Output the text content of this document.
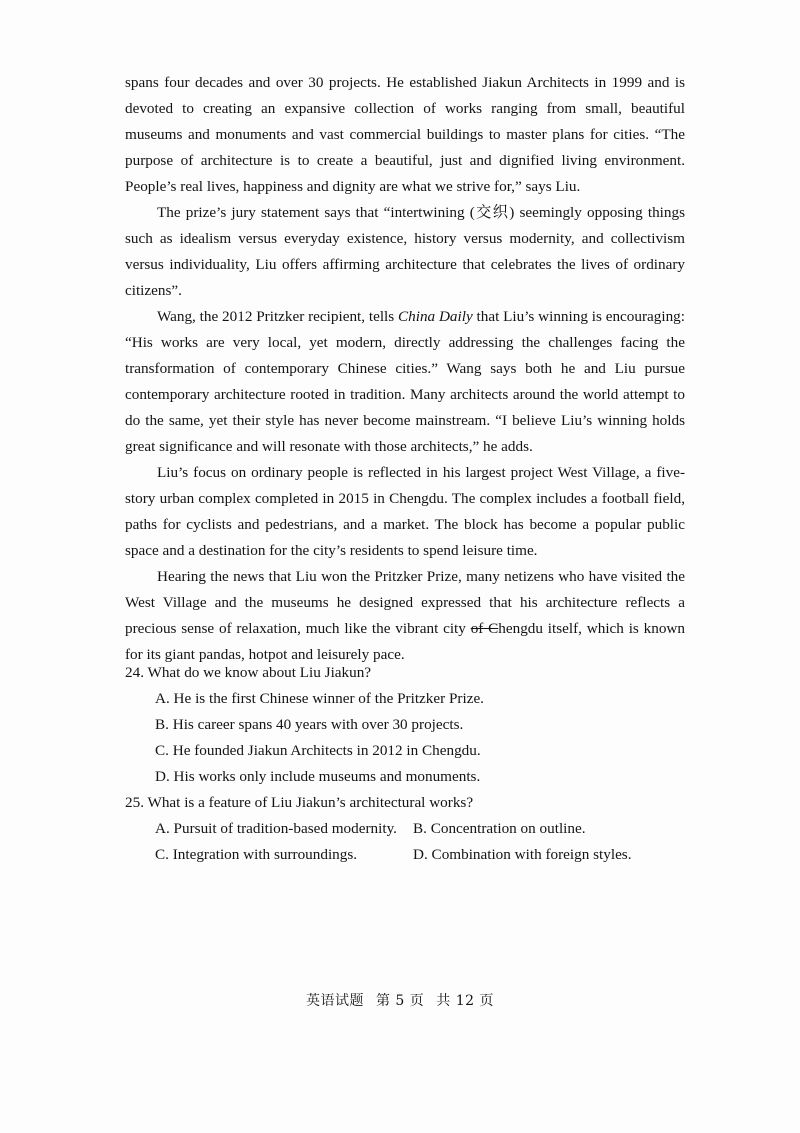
spans four decades and over 30 projects. He established Jiakun Architects in 1999 and is devoted to creating an expansive collection of works ranging from small, beautiful museums and monuments and vast commercial buildings to master plans for cities. “The purpose of architecture is to create a beautiful, just and dignified living environment. People’s real lives, happiness and dignity are what we strive for,” says Liu.

The prize’s jury statement says that “intertwining (交织) seemingly opposing things such as idealism versus everyday existence, history versus modernity, and collectivism versus individuality, Liu offers affirming architecture that celebrates the lives of ordinary citizens”.

Wang, the 2012 Pritzker recipient, tells China Daily that Liu’s winning is encouraging: “His works are very local, yet modern, directly addressing the challenges facing the transformation of contemporary Chinese cities.” Wang says both he and Liu pursue contemporary architecture rooted in tradition. Many architects around the world attempt to do the same, yet their style has never become mainstream. “I believe Liu’s winning holds great significance and will resonate with those architects,” he adds.

Liu’s focus on ordinary people is reflected in his largest project West Village, a five-story urban complex completed in 2015 in Chengdu. The complex includes a football field, paths for cyclists and pedestrians, and a market. The block has become a popular public space and a destination for the city’s residents to spend leisure time.

Hearing the news that Liu won the Pritzker Prize, many netizens who have visited the West Village and the museums he designed expressed that his architecture reflects a precious sense of relaxation, much like the vibrant city of Chengdu itself, which is known for its giant pandas, hotpot and leisurely pace.

24. What do we know about Liu Jiakun?

A. He is the first Chinese winner of the Pritzker Prize.

B. His career spans 40 years with over 30 projects.

C. He founded Jiakun Architects in 2012 in Chengdu.

D. His works only include museums and monuments.

25. What is a feature of Liu Jiakun’s architectural works?

A. Pursuit of tradition-based modernity.	B. Concentration on outline.
C. Integration with surroundings.	D. Combination with foreign styles.
英语试题 第 5 页 共 12 页
